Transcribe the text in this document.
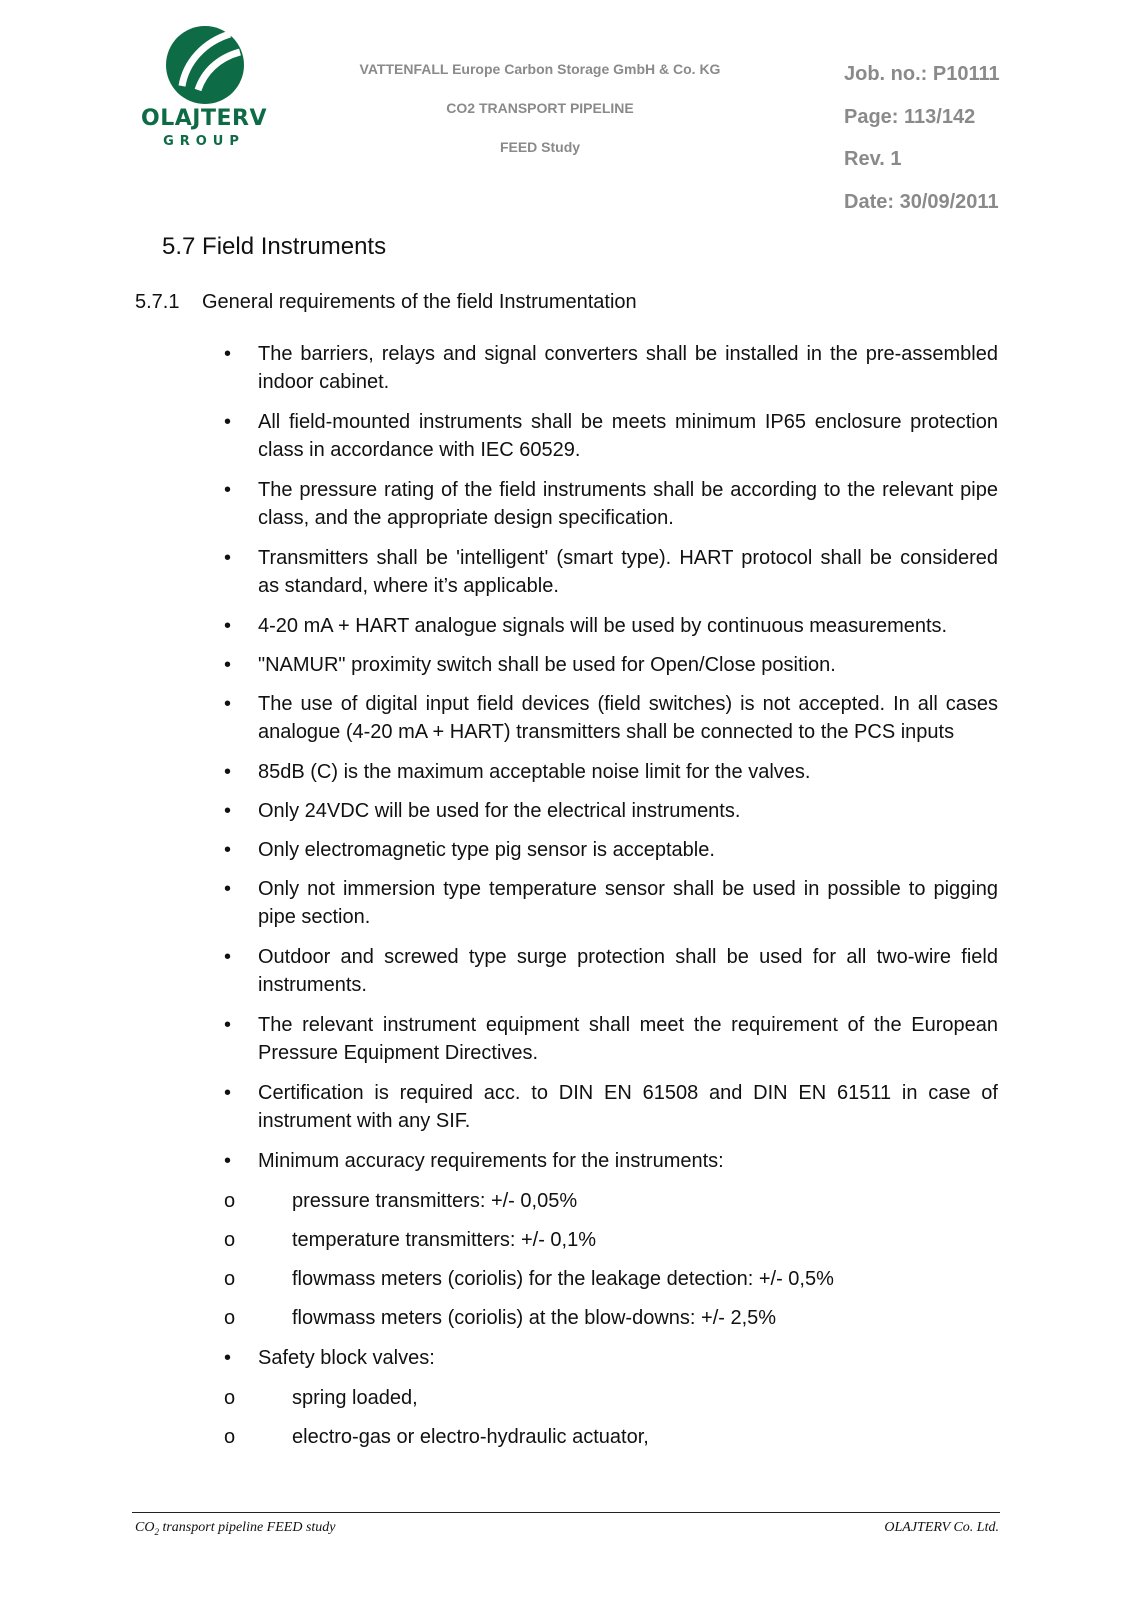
OLAJTERV
GROUP
VATTENFALL Europe Carbon Storage GmbH & Co. KG
CO2 TRANSPORT PIPELINE
FEED Study
Job. no.: P10111
Page: 113/142
Rev. 1
Date: 30/09/2011
5.7 Field Instruments
5.7.1 General requirements of the field Instrumentation
• The barriers, relays and signal converters shall be installed in the pre-assembled indoor cabinet.
• All field-mounted instruments shall be meets minimum IP65 enclosure protection class in accordance with IEC 60529.
• The pressure rating of the field instruments shall be according to the relevant pipe class, and the appropriate design specification.
• Transmitters shall be 'intelligent' (smart type). HART protocol shall be considered as standard, where it’s applicable.
• 4-20 mA + HART analogue signals will be used by continuous measurements.
• "NAMUR" proximity switch shall be used for Open/Close position.
• The use of digital input field devices (field switches) is not accepted. In all cases analogue (4-20 mA + HART) transmitters shall be connected to the PCS inputs
• 85dB (C) is the maximum acceptable noise limit for the valves.
• Only 24VDC will be used for the electrical instruments.
• Only electromagnetic type pig sensor is acceptable.
• Only not immersion type temperature sensor shall be used in possible to pigging pipe section.
• Outdoor and screwed type surge protection shall be used for all two-wire field instruments.
• The relevant instrument equipment shall meet the requirement of the European Pressure Equipment Directives.
• Certification is required acc. to DIN EN 61508 and DIN EN 61511 in case of instrument with any SIF.
• Minimum accuracy requirements for the instruments:
o pressure transmitters: +/- 0,05%
o temperature transmitters: +/- 0,1%
o flowmass meters (coriolis) for the leakage detection: +/- 0,5%
o flowmass meters (coriolis) at the blow-downs: +/- 2,5%
• Safety block valves:
o spring loaded,
o electro-gas or electro-hydraulic actuator,
$CO_2$ transport pipeline FEED study	OLAJTERV Co. Ltd.
